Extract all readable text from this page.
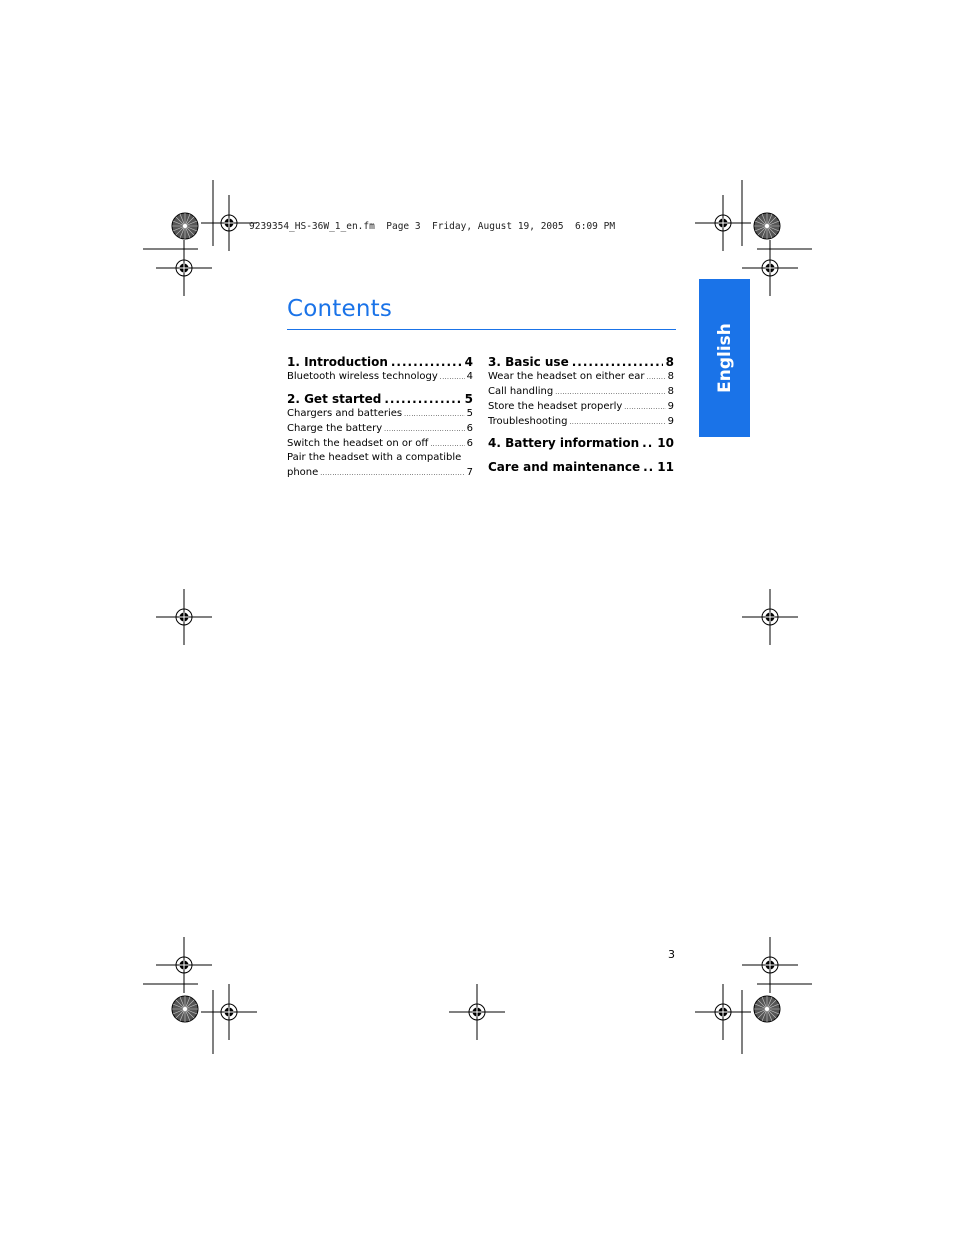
9239354_HS-36W_1_en.fm  Page 3  Friday, August 19, 2005  6:09 PM
English
Contents
1. Introduction .....	4
Bluetooth wireless technology .....	4
2. Get started .....	5
Chargers and batteries .....	5
Charge the battery .....	6
Switch the headset on or off .....	6
Pair the headset with a compatible
phone .....	7
3. Basic use .....	8
Wear the headset on either ear ..... 8
Call handling .....	8
Store the headset properly .....	9
Troubleshooting .....	9
4. Battery information ..... 10
Care and maintenance ..... 11
3
